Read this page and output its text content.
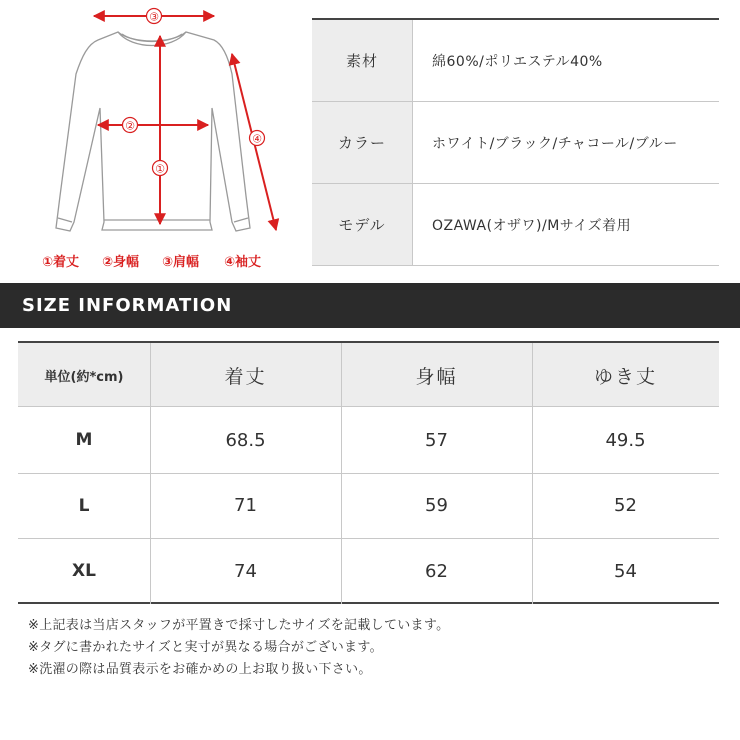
③
②
①
④
①着丈 ②身幅 ③肩幅 ④袖丈
素材	綿60%/ポリエステル40%
カラー	ホワイト/ブラック/チャコール/ブルー
モデル	OZAWA(オザワ)/Mサイズ着用
SIZE INFORMATION
単位(約*cm)	着丈	身幅	ゆき丈
M	68.5	57	49.5
L	71	59	52
XL	74	62	54
※上記表は当店スタッフが平置きで採寸したサイズを記載しています。
※タグに書かれたサイズと実寸が異なる場合がございます。
※洗濯の際は品質表示をお確かめの上お取り扱い下さい。
